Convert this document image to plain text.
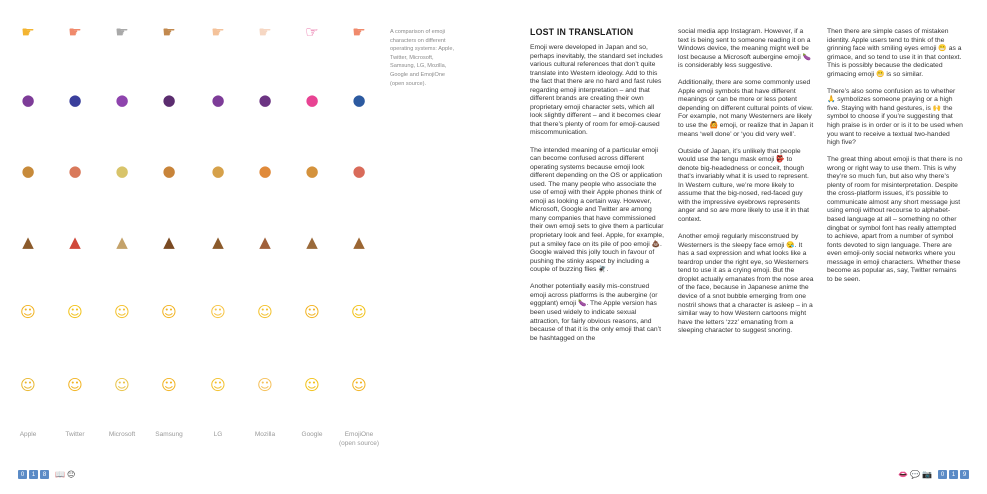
☛ ☛ ☛ ☛ ☛ ☛ ☞ ☛
● ● ● ● ● ● ● ●
● ● ● ● ● ● ● ●
▲ ▲ ▲ ▲ ▲ ▲ ▲ ▲
☺ ☺ ☺ ☺ ☺ ☺ ☺ ☺
☺ ☺ ☺ ☺ ☺ ☺ ☺ ☺
Apple	Twitter	Microsoft	Samsung	LG	Mozilla	Google	EmojiOne
(open source)
A comparison of emoji characters on different operating systems: Apple, Twitter, Microsoft, Samsung, LG, Mozilla, Google and EmojiOne (open source).
0	1	8	📖 😐
LOST IN TRANSLATION

Emoji were developed in Japan and so, perhaps inevitably, the standard set includes various cultural references that don’t quite translate into Western ideology. Add to this the fact that there are no hard and fast rules regarding emoji interpretation – and that different brands are creating their own proprietary emoji character sets, which all look slightly different – and it becomes clear that there’s plenty of room for emoji-caused miscommunication.

The intended meaning of a particular emoji can become confused across different operating systems because emoji look different depending on the OS or application used. The many people who associate the use of emoji with their Apple phones think of emoji as looking a certain way. However, Microsoft, Google and Twitter are among many companies that have commissioned their own emoji sets to give them a particular proprietary look and feel. Apple, for example, put a smiley face on its pile of poo emoji 💩. Google waived this jolly touch in favour of pushing the stinky aspect by including a couple of buzzing flies 🪰.

Another potentially easily mis-construed emoji across platforms is the aubergine (or eggplant) emoji 🍆. The Apple version has been used widely to indicate sexual attraction, for fairly obvious reasons, and because of that it is the only emoji that can’t be hashtagged on the

social media app Instagram. However, if a text is being sent to someone reading it on a Windows device, the meaning might well be lost because a Microsoft aubergine emoji 🍆 is considerably less suggestive.

Additionally, there are some commonly used Apple emoji symbols that have different meanings or can be more or less potent depending on different cultural points of view. For example, not many Westerners are likely to use the 🙆 emoji, or realize that in Japan it means ‘well done’ or ‘you did very well’.

Outside of Japan, it’s unlikely that people would use the tengu mask emoji 👺 to denote big-headedness or conceit, though that’s invariably what it is used to represent. In Western culture, we’re more likely to assume that the big-nosed, red-faced guy with the impressive eyebrows represents anger and so are more likely to use it in that context.

Another emoji regularly misconstrued by Westerners is the sleepy face emoji 😪. It has a sad expression and what looks like a teardrop under the right eye, so Westerners tend to use it as a crying emoji. But the droplet actually emanates from the nose area of the face, because in Japanese anime the device of a snot bubble emerging from one nostril shows that a character is asleep – in a similar way to how Western cartoons might have the letters ‘zzz’ emanating from a sleeping character to suggest snoring.

Then there are simple cases of mistaken identity. Apple users tend to think of the grinning face with smiling eyes emoji 😁 as a grimace, and so tend to use it in that context. This is possibly because the dedicated grimacing emoji 😬 is so similar.

There’s also some confusion as to whether 🙏 symbolizes someone praying or a high five. Staying with hand gestures, is 🙌 the symbol to choose if you’re suggesting that high praise is in order or is it to be used when you want to receive a textual two-handed high five?

The great thing about emoji is that there is no wrong or right way to use them. This is why they’re so much fun, but also why there’s plenty of room for misinterpretation. Despite the cross-platform issues, it’s possible to communicate almost any short message just using emoji without recourse to alphabet-based language at all – something no other dingbat or symbol font has really attempted to achieve, apart from a number of symbol fonts devoted to sign language. There are even emoji-only social networks where you message in emoji characters. Whether these become as popular as, say, Twitter remains to be seen.

👄 💬 📷	0	1	9
